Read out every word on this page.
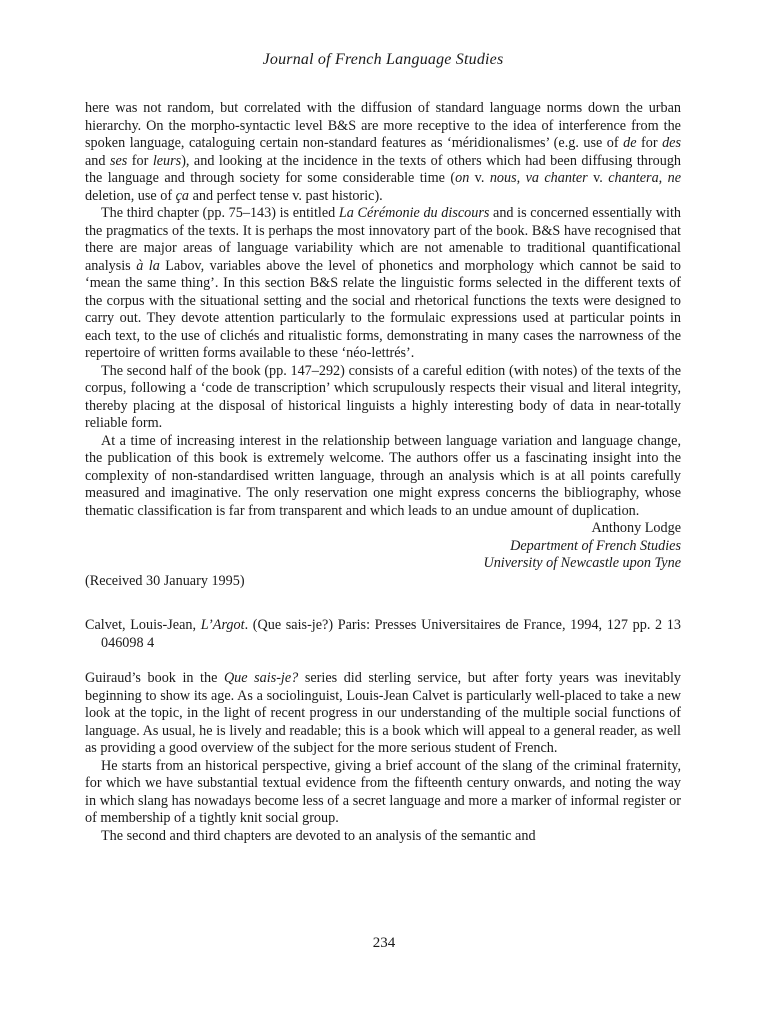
Journal of French Language Studies

here was not random, but correlated with the diffusion of standard language norms down the urban hierarchy. On the morpho-syntactic level B&S are more receptive to the idea of interference from the spoken language, cataloguing certain non-standard features as ‘méridionalismes’ (e.g. use of de for des and ses for leurs), and looking at the incidence in the texts of others which had been diffusing through the language and through society for some considerable time (on v. nous, va chanter v. chantera, ne deletion, use of ça and perfect tense v. past historic).

The third chapter (pp. 75–143) is entitled La Cérémonie du discours and is concerned essentially with the pragmatics of the texts. It is perhaps the most innovatory part of the book. B&S have recognised that there are major areas of language variability which are not amenable to traditional quantificational analysis à la Labov, variables above the level of phonetics and morphology which cannot be said to ‘mean the same thing’. In this section B&S relate the linguistic forms selected in the different texts of the corpus with the situational setting and the social and rhetorical functions the texts were designed to carry out. They devote attention particularly to the formulaic expressions used at particular points in each text, to the use of clichés and ritualistic forms, demonstrating in many cases the narrowness of the repertoire of written forms available to these ‘néo-lettrés’.

The second half of the book (pp. 147–292) consists of a careful edition (with notes) of the texts of the corpus, following a ‘code de transcription’ which scrupulously respects their visual and literal integrity, thereby placing at the disposal of historical linguists a highly interesting body of data in near-totally reliable form.

At a time of increasing interest in the relationship between language variation and language change, the publication of this book is extremely welcome. The authors offer us a fascinating insight into the complexity of non-standardised written language, through an analysis which is at all points carefully measured and imaginative. The only reservation one might express concerns the bibliography, whose thematic classification is far from transparent and which leads to an undue amount of duplication.

Anthony Lodge

Department of French Studies

University of Newcastle upon Tyne

(Received 30 January 1995)

Calvet, Louis-Jean, L’Argot. (Que sais-je?) Paris: Presses Universitaires de France, 1994, 127 pp. 2 13 046098 4

Guiraud’s book in the Que sais-je? series did sterling service, but after forty years was inevitably beginning to show its age. As a sociolinguist, Louis-Jean Calvet is particularly well-placed to take a new look at the topic, in the light of recent progress in our understanding of the multiple social functions of language. As usual, he is lively and readable; this is a book which will appeal to a general reader, as well as providing a good overview of the subject for the more serious student of French.

He starts from an historical perspective, giving a brief account of the slang of the criminal fraternity, for which we have substantial textual evidence from the fifteenth century onwards, and noting the way in which slang has nowadays become less of a secret language and more a marker of informal register or of membership of a tightly knit social group.

The second and third chapters are devoted to an analysis of the semantic and

234
